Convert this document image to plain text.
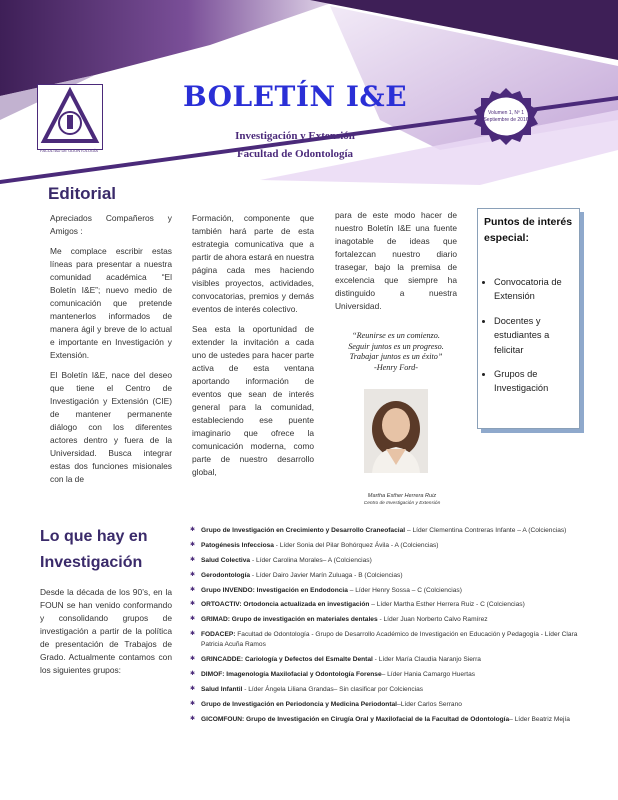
FACULTAD DE ODONTOLOGÍA
BOLETÍN I&E
Investigación y Extensión
Facultad de Odontología
Volumen 1, Nº 1
Septiembre de 2016
Editorial

Apreciados Compañeros y Amigos :

Me complace escribir estas líneas para presentar a nuestra comunidad académica “El Boletín I&E”; nuevo medio de comunicación que pretende mantenerlos informados de manera ágil y breve de lo actual e importante en Investigación y Extensión.

El Boletín I&E, nace del deseo que tiene el Centro de Investigación y Extensión (CIE) de mantener permanente diálogo con los diferentes actores dentro y fuera de la Universidad. Busca integrar estas dos funciones misionales con la de

Formación, componente que también hará parte de esta estrategia comunicativa que a partir de ahora estará en nuestra página cada mes haciendo visibles proyectos, actividades, convocatorias, premios y demás eventos de interés colectivo.

Sea esta la oportunidad de extender la invitación a cada uno de ustedes para hacer parte activa de esta ventana aportando información de eventos que sean de interés general para la comunidad, estableciendo ese puente imaginario que ofrece la comunicación moderna, como parte de nuestro desarrollo global,

para de este modo hacer de nuestro Boletín I&E una fuente inagotable de ideas que fortalezcan nuestro diario trasegar, bajo la premisa de excelencia que siempre ha distinguido a nuestra Universidad.

“Reunirse es un comienzo.
Seguir juntos es un progreso.
Trabajar juntos es un éxito”
-Henry Ford-
Martha Esther Herrera Ruiz
Centro de Investigación y Extensión
Puntos de interés especial:
• Convocatoria de Extensión
• Docentes y estudiantes a felicitar
• Grupos de Investigación
Lo que hay en Investigación
Desde la década de los 90’s, en la FOUN se han venido conformando y consolidando grupos de investigación a partir de la política de presentación de Trabajos de Grado. Actualmente contamos con los siguientes grupos:
✱ Grupo de Investigación en Crecimiento y Desarrollo Craneofacial – Líder Clementina Contreras Infante – A (Colciencias)
✱ Patogénesis Infecciosa - Líder Sonia del Pilar Bohórquez Ávila - A (Colciencias)
✱ Salud Colectiva - Líder Carolina Morales– A (Colciencias)
✱ Gerodontología - Líder Dairo Javier Marín Zuluaga - B (Colciencias)
✱ Grupo INVENDO: Investigación en Endodoncia – Líder Henry Sossa – C (Colciencias)
✱ ORTOACTIV: Ortodoncia actualizada en investigación – Líder Martha Esther Herrera Ruiz - C (Colciencias)
✱ GRIMAD: Grupo de investigación en materiales dentales - Líder Juan Norberto Calvo Ramírez
✱ FODACEP: Facultad de Odontología - Grupo de Desarrollo Académico de Investigación en Educación y Pedagogía - Líder Clara Patricia Acuña Ramos
✱ GRINCADDE: Cariología y Defectos del Esmalte Dental - Líder María Claudia Naranjo Sierra
✱ DIMOF: Imagenología Maxilofacial y Odontología Forense– Líder Hania Camargo Huertas
✱ Salud Infantil - Líder Ángela Liliana Grandas– Sin clasificar por Colciencias
✱ Grupo de Investigación en Periodoncia y Medicina Periodontal–Líder Carlos Serrano
✱ GICOMFOUN: Grupo de Investigación en Cirugía Oral y Maxilofacial de la Facultad de Odontología– Líder Beatriz Mejía
